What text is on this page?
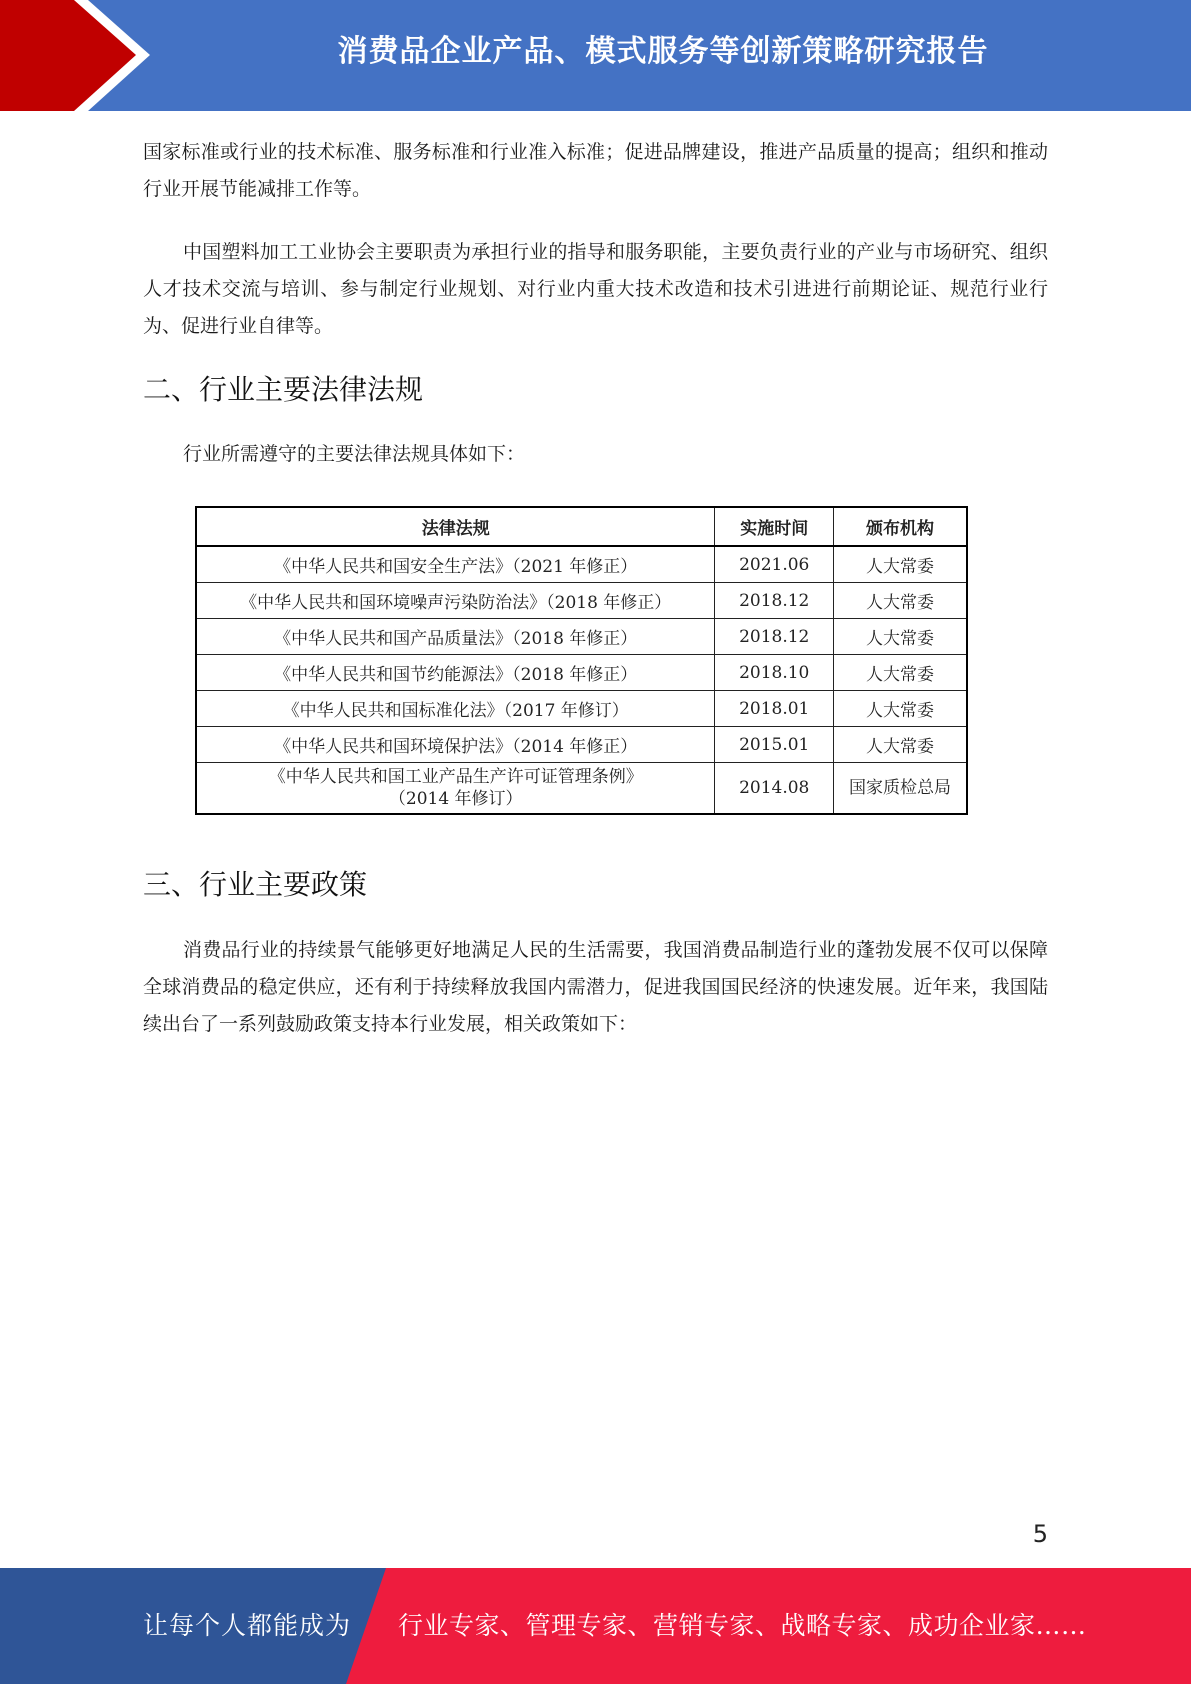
消费品企业产品、模式服务等创新策略研究报告

国家标准或行业的技术标准、服务标准和行业准入标准；促进品牌建设，推进产品质量的提高；组织和推动行业开展节能减排工作等。

中国塑料加工工业协会主要职责为承担行业的指导和服务职能，主要负责行业的产业与市场研究、组织人才技术交流与培训、参与制定行业规划、对行业内重大技术改造和技术引进进行前期论证、规范行业行为、促进行业自律等。

二、行业主要法律法规

行业所需遵守的主要法律法规具体如下：

法律法规	实施时间	颁布机构
《中华人民共和国安全生产法》（2021 年修正）	2021.06	人大常委
《中华人民共和国环境噪声污染防治法》（2018 年修正）	2018.12	人大常委
《中华人民共和国产品质量法》（2018 年修正）	2018.12	人大常委
《中华人民共和国节约能源法》（2018 年修正）	2018.10	人大常委
《中华人民共和国标准化法》（2017 年修订）	2018.01	人大常委
《中华人民共和国环境保护法》（2014 年修正）	2015.01	人大常委
《中华人民共和国工业产品生产许可证管理条例》
（2014 年修订）	2014.08	国家质检总局
三、行业主要政策

消费品行业的持续景气能够更好地满足人民的生活需要，我国消费品制造行业的蓬勃发展不仅可以保障全球消费品的稳定供应，还有利于持续释放我国内需潜力，促进我国国民经济的快速发展。近年来，我国陆续出台了一系列鼓励政策支持本行业发展，相关政策如下：

5
让每个人都能成为 行业专家、管理专家、营销专家、战略专家、成功企业家……
